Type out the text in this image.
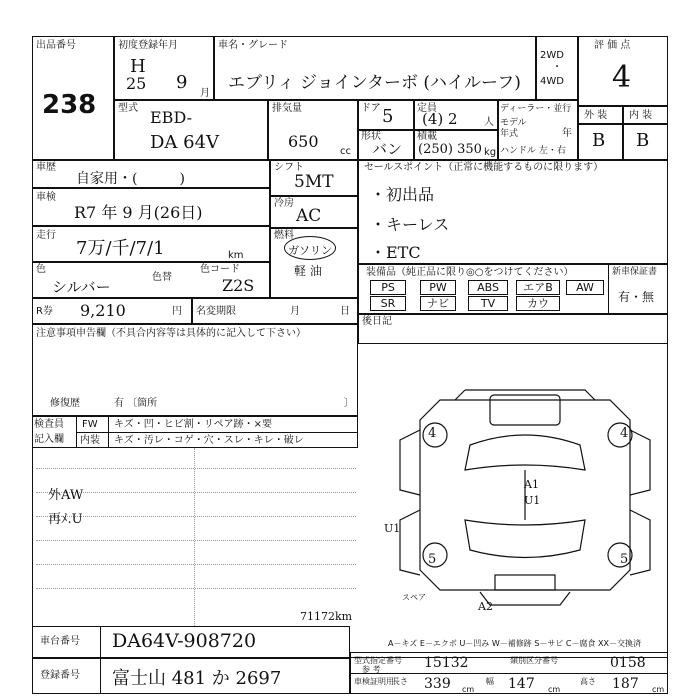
出品番号
238
初度登録年月
H
25 9
月
車名・グレード
エブリィ ジョインターボ (ハイルーフ)
2WD
・
4WD
評 価 点
4
型式 EBD-
DA 64V
排気量
650
cc
ドア 5 定員
(4) 2	人
形状
バン
積載
(250) 350 kg
ディーラー・並行
モデル年式	年
ハンドル 左・右
外 装 内 装
B B
車歴
自家用・(　　　)
車検
R7 年 9 月(26日)
走行
7万/千/7/1	km
色
シルバー
色替
色コード
Z2S
シフト
5MT
冷房
AC
燃料
ガソリン
軽 油
セールスポイント（正常に機能するものに限ります）
・初出品
・キーレス
・ETC
装備品（純正品に限り◎○をつけてください）
PS	PW	ABS	エアB	AW
SR	ナビ	TV	カウ
新車保証書
有・無
R券 9,210	円 名変期限	月	日
注意事項申告欄（不具合内容等は具体的に記入して下さい）
修復歴	有 〔箇所	〕
後日記
検査員
記入欄
FW キズ・凹・ヒビ割・リペア跡・×要
内装 キズ・汚レ・コゲ・穴・スレ・キレ・破レ
外AW
再ﾒ.U
4	4
A1
U1
U1
5	5
A2
スペア
71172km
A－キズ E－エクボ U－凹み W－補修跡 S－サビ C－腐食 XX－交換済
車台番号 DA64V-908720
登録番号 富士山 481 か 2697
型式指定番号
参 考	15132	類別区分番号	0158
車検証明用
長さ 339 cm
幅 147 cm
高さ 187 cm
